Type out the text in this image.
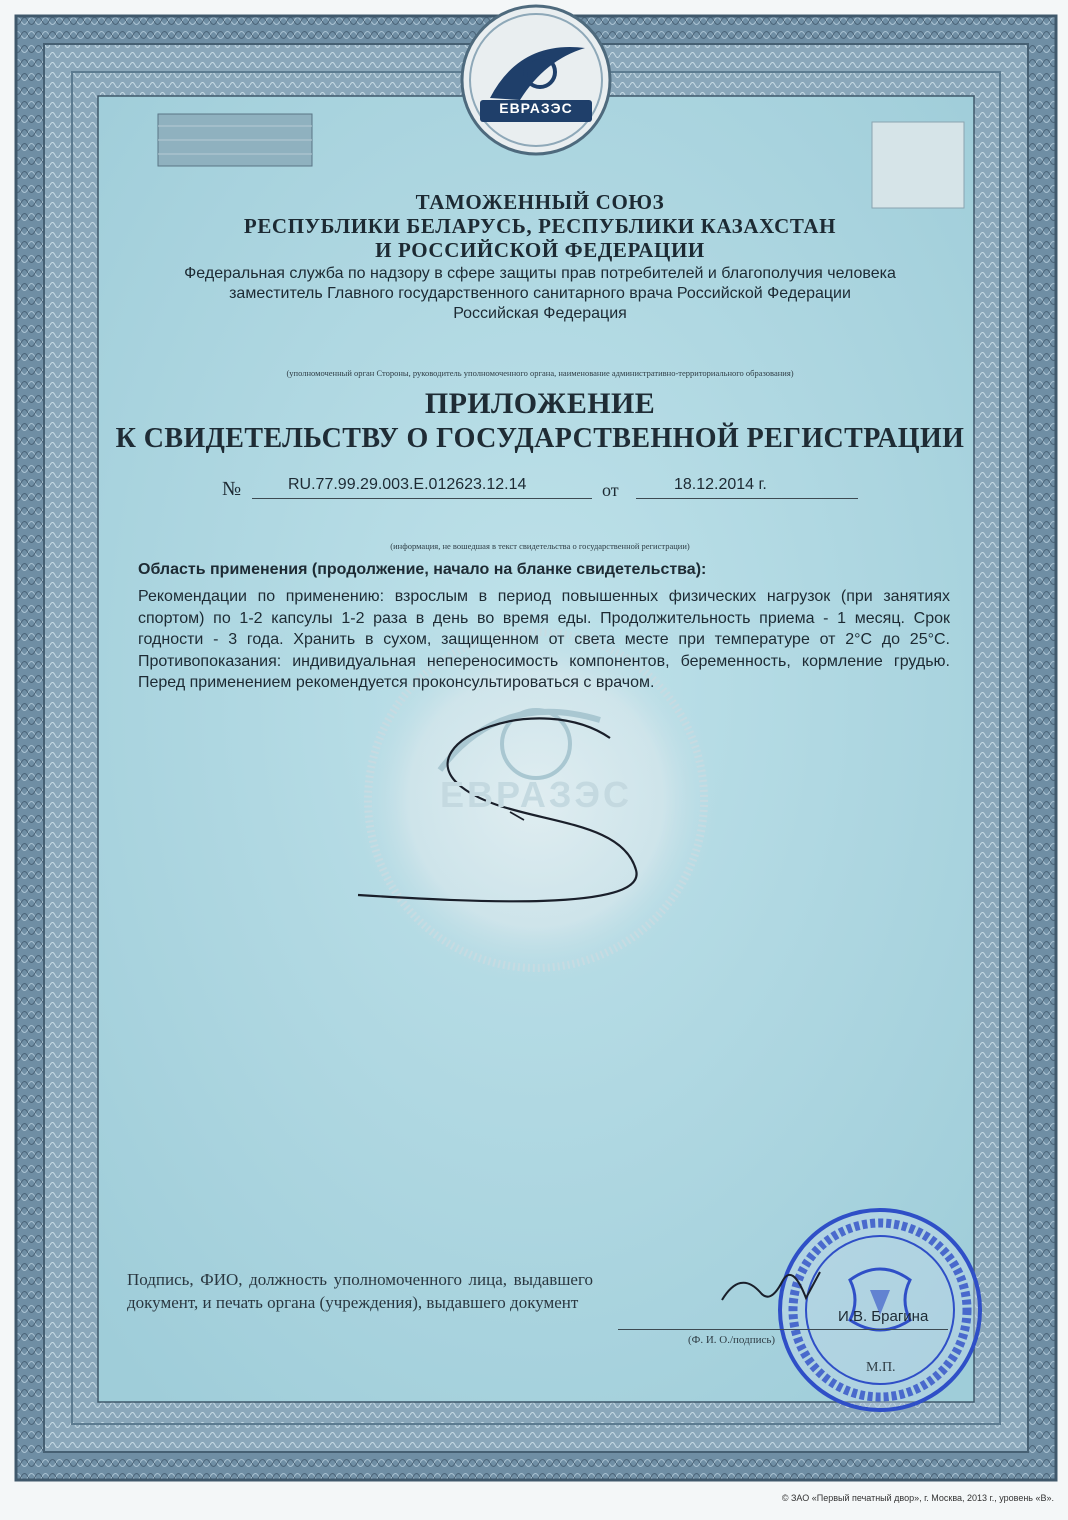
ЕВРАЗЭС
ЕВРАЗЭС
ТАМОЖЕННЫЙ СОЮЗ
РЕСПУБЛИКИ БЕЛАРУСЬ, РЕСПУБЛИКИ КАЗАХСТАН
И РОССИЙСКОЙ ФЕДЕРАЦИИ
Федеральная служба по надзору в сфере защиты прав потребителей и благополучия человека
заместитель Главного государственного санитарного врача Российской Федерации
Российская Федерация
(уполномоченный орган Стороны, руководитель уполномоченного органа, наименование административно-территориального образования)
ПРИЛОЖЕНИЕ
К СВИДЕТЕЛЬСТВУ О ГОСУДАРСТВЕННОЙ РЕГИСТРАЦИИ
№	RU.77.99.29.003.E.012623.12.14	от	18.12.2014 г.
(информация, не вошедшая в текст свидетельства о государственной регистрации)
Область применения (продолжение, начало на бланке свидетельства):
Рекомендации по применению: взрослым в период повышенных физических нагрузок (при занятиях спортом) по 1-2 капсулы 1-2 раза в день во время еды. Продолжительность приема - 1 месяц. Срок годности - 3 года. Хранить в сухом, защищенном от света месте при температуре от 2°С до 25°С. Противопоказания: индивидуальная непереносимость компонентов, беременность, кормление грудью. Перед применением рекомендуется проконсультироваться с врачом.
Подпись, ФИО, должность уполномоченного лица, выдавшего документ, и печать органа (учреждения), выдавшего документ
И.В. Брагина
(Ф. И. О./подпись)
М.П.
© ЗАО «Первый печатный двор», г. Москва, 2013 г., уровень «В».
